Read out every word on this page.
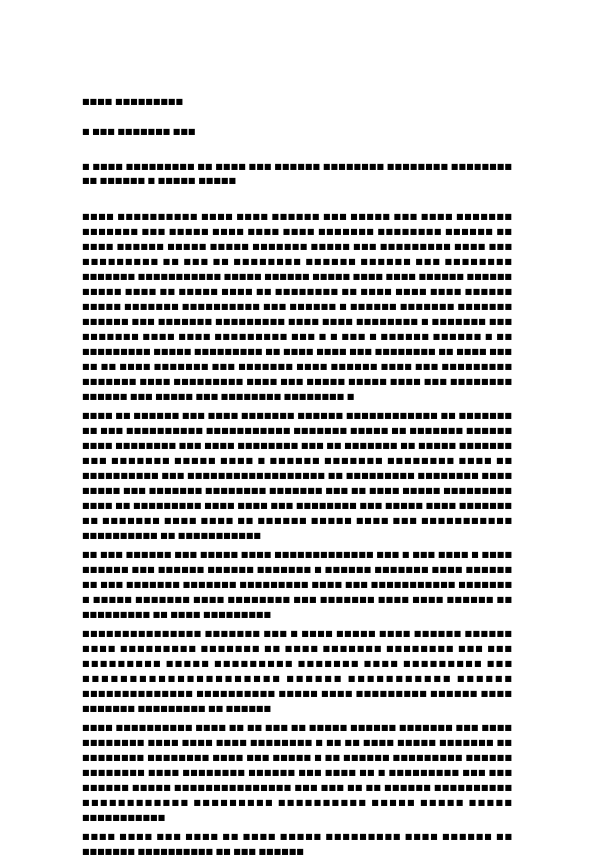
■■■■ ■■■■■■■■■
■ ■■■ ■■■■■■■ ■■■
■ ■■■■ ■■■■■■■■■ ■■ ■■■■ ■■■ ■■■■■■ ■■■■■■■■ ■■■■■■■■ ■■■■■■■■ ■■ ■■■■■■ ■ ■■■■■ ■■■■■

■■■■ ■■■■■■■■■■ ■■■■ ■■■■ ■■■■■■ ■■■ ■■■■■ ■■■ ■■■■ ■■■■■■■ ■■■■■■■ ■■■ ■■■■■ ■■■■ ■■■■ ■■■■ ■■■■■■■ ■■■■■■■■ ■■■■■■ ■■ ■■■■ ■■■■■■ ■■■■■ ■■■■■ ■■■■■■■ ■■■■■ ■■■ ■■■■■■■■■ ■■■■ ■■■ ■■■■■■■■■ ■■ ■■■ ■■ ■■■■■■■■ ■■■■■■ ■■■■■■ ■■■ ■■■■■■■■ ■■■■■■■ ■■■■■■■■■■■ ■■■■■ ■■■■■■ ■■■■■ ■■■■ ■■■■ ■■■■■■ ■■■■■■ ■■■■■ ■■■■ ■■ ■■■■■ ■■■■ ■■ ■■■■■■■■ ■■ ■■■■ ■■■■ ■■■■ ■■■■■■ ■■■■■ ■■■■■■■ ■■■■■■■■■■ ■■■ ■■■■■■ ■ ■■■■■■ ■■■■■■■ ■■■■■■■ ■■■■■■ ■■■ ■■■■■■■ ■■■■■■■■■ ■■■■ ■■■■ ■■■■■■■■ ■ ■■■■■■■ ■■■ ■■■■■■■ ■■■■ ■■■■ ■■■■■■■■■ ■■■ ■ ■ ■■■ ■ ■■■■■■ ■■■■■■ ■ ■■ ■■■■■■■■■ ■■■■■ ■■■■■■■■■ ■■ ■■■■ ■■■■ ■■■ ■■■■■■■■ ■■ ■■■■ ■■■ ■■ ■■ ■■■■ ■■■■■■■ ■■■ ■■■■■■■ ■■■■ ■■■■■■ ■■■■ ■■■ ■■■■■■■■■ ■■■■■■■ ■■■■ ■■■■■■■■■ ■■■■ ■■■ ■■■■■ ■■■■■ ■■■■ ■■■ ■■■■■■■■ ■■■■■■ ■■■ ■■■■■ ■■■ ■■■■■■■■ ■■■■■■■■ ■

■■■■ ■■ ■■■■■■ ■■■ ■■■■ ■■■■■■■ ■■■■■■ ■■■■■■■■■■■■ ■■ ■■■■■■■ ■■ ■■■ ■■■■■■■■■■ ■■■■■■■■■■■ ■■■■■■■ ■■■■■ ■■ ■■■■■■■ ■■■■■■ ■■■■ ■■■■■■■■ ■■■ ■■■■ ■■■■■■■■ ■■■ ■■ ■■■■■■■ ■■ ■■■■■ ■■■■■■■ ■■■ ■■■■■■■ ■■■■■ ■■■■ ■ ■■■■■■ ■■■■■■■ ■■■■■■■■ ■■■■ ■■ ■■■■■■■■■■ ■■■ ■■■■■■■■■■■■■■■■■■ ■■ ■■■■■■■■■ ■■■■■■■■ ■■■■ ■■■■■ ■■■ ■■■■■■■ ■■■■■■■■ ■■■■■■■ ■■■ ■■ ■■■■ ■■■■■ ■■■■■■■■■ ■■■■ ■■ ■■■■■■■■■ ■■■■ ■■■■ ■■■ ■■■■■■■■ ■■■ ■■■■■ ■■■■ ■■■■■■■ ■■ ■■■■■■■ ■■■■ ■■■■ ■■ ■■■■■■ ■■■■■ ■■■■ ■■■ ■■■■■■■■■■■ ■■■■■■■■■■ ■■ ■■■■■■■■■■■

■■ ■■■ ■■■■■■ ■■■ ■■■■■ ■■■■ ■■■■■■■■■■■■■ ■■■ ■ ■■■ ■■■■ ■ ■■■■ ■■■■■■ ■■■ ■■■■■■ ■■■■■■ ■■■■■■■ ■ ■■■■■■ ■■■■■■■ ■■■■ ■■■■■■ ■■ ■■■ ■■■■■■■ ■■■■■■■ ■■■■■■■■■ ■■■■ ■■■ ■■■■■■■■■■■ ■■■■■■■ ■ ■■■■■ ■■■■■■■ ■■■■ ■■■■■■■■ ■■■ ■■■■■■■ ■■■■ ■■■■ ■■■■■■ ■■ ■■■■■■■■■ ■■ ■■■■ ■■■■■■■■■

■■■■■■■■■■■■■■■ ■■■■■■■ ■■■ ■ ■■■■ ■■■■■ ■■■■ ■■■■■■ ■■■■■■ ■■■■ ■■■■■■■■■ ■■■■■■■ ■■ ■■■■ ■■■■■■■ ■■■■■■■■ ■■■ ■■■ ■■■■■■■■■ ■■■■■ ■■■■■■■■■ ■■■■■■■ ■■■■ ■■■■■■■■■ ■■■ ■■■■■■■■■■■■■■■■■■■■■ ■■■■■■ ■■■■■■■■■■■ ■■■■■■ ■■■■■■■■■■■■■■ ■■■■■■■■■■ ■■■■■ ■■■■ ■■■■■■■■■ ■■■■■■ ■■■■ ■■■■■■■ ■■■■■■■■■ ■■ ■■■■■■

■■■■ ■■■■■■■■■■ ■■■■ ■■ ■■ ■■■ ■■ ■■■■■ ■■■■■■ ■■■■■■■ ■■■ ■■■■ ■■■■■■■■ ■■■■ ■■■■ ■■■■ ■■■■■■■■ ■ ■■ ■■ ■■■■ ■■■■■ ■■■■■■■ ■■ ■■■■■■■■ ■■■■■■■■ ■■■■ ■■■ ■■■■■ ■ ■■ ■■■■■■ ■■■■■■■■■ ■■■■■■ ■■■■■■■■ ■■■■ ■■■■■■■■ ■■■■■■ ■■■ ■■■■ ■■ ■ ■■■■■■■■■ ■■■ ■■■ ■■■■■■ ■■■■■ ■■■■■■■■■■■■■■■ ■■■ ■■■ ■■ ■■ ■■■■■■ ■■■■■■■■■■ ■■■■■■■■■■■■ ■■■■■■■■■ ■■■■■■■■■■ ■■■■■ ■■■■■ ■■■■■ ■■■■■■■■■■■

■■■■ ■■■■ ■■■ ■■■■ ■■ ■■■■ ■■■■■ ■■■■■■■■■ ■■■■ ■■■■■■ ■■ ■■■■■■■ ■■■■■■■■■■ ■■ ■■■ ■■■■■■
